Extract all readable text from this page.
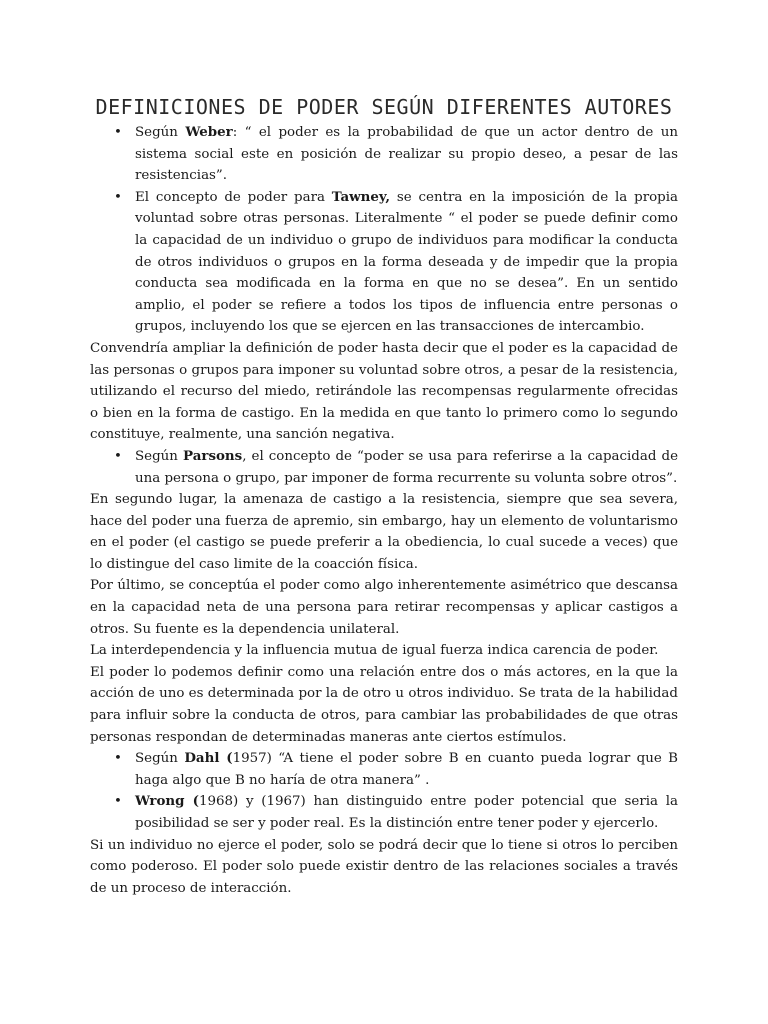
DEFINICIONES DE PODER SEGÚN DIFERENTES AUTORES
• Según Weber: “ el poder es la probabilidad de que un actor dentro de un sistema social este en posición de realizar su propio deseo, a pesar de las resistencias”.
• El concepto de poder para Tawney, se centra en la imposición de la propia voluntad sobre otras personas. Literalmente “ el poder se puede definir como la capacidad de un individuo o grupo de individuos para modificar la conducta de otros individuos o grupos en la forma deseada y de impedir que la propia conducta sea modificada en la forma en que no se desea”. En un sentido amplio, el poder se refiere a todos los tipos de influencia entre personas o grupos, incluyendo los que se ejercen en las transacciones de intercambio.

Convendría ampliar la definición de poder hasta decir que el poder es la capacidad de las personas o grupos para imponer su voluntad sobre otros, a pesar de la resistencia, utilizando el recurso del miedo, retirándole las recompensas regularmente ofrecidas o bien en la forma de castigo. En la medida en que tanto lo primero como lo segundo constituye, realmente, una sanción negativa.

• Según Parsons, el concepto de “poder se usa para referirse a la capacidad de una persona o grupo, par imponer de forma recurrente su volunta sobre otros”.

En segundo lugar, la amenaza de castigo a la resistencia, siempre que sea severa, hace del poder una fuerza de apremio, sin embargo, hay un elemento de voluntarismo en el poder (el castigo se puede preferir a la obediencia, lo cual sucede a veces) que lo distingue del caso limite de la coacción física.

Por último, se conceptúa el poder como algo inherentemente asimétrico que descansa en la capacidad neta de una persona para retirar recompensas y aplicar castigos a otros. Su fuente es la dependencia unilateral.

La interdependencia y la influencia mutua de igual fuerza indica carencia de poder.

El poder lo podemos definir como una relación entre dos o más actores, en la que la acción de uno es determinada por la de otro u otros individuo. Se trata de la habilidad para influir sobre la conducta de otros, para cambiar las probabilidades de que otras personas respondan de determinadas maneras ante ciertos estímulos.

• Según Dahl (1957) “A tiene el poder sobre B en cuanto pueda lograr que B haga algo que B no haría de otra manera” .
• Wrong (1968) y (1967) han distinguido entre poder potencial que seria la posibilidad se ser y poder real. Es la distinción entre tener poder y ejercerlo.

Si un individuo no ejerce el poder, solo se podrá decir que lo tiene si otros lo perciben como poderoso. El poder solo puede existir dentro de las relaciones sociales a través de un proceso de interacción.
